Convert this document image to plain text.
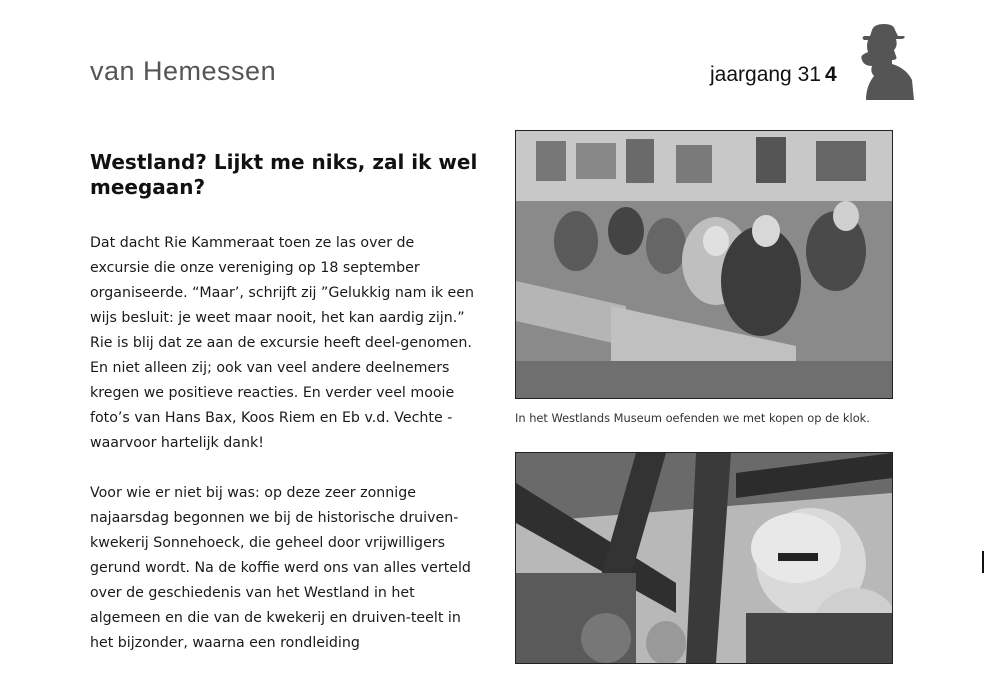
van Hemessen	jaargang 31 4
Westland? Lijkt me niks, zal ik wel meegaan?

Dat dacht Rie Kammeraat toen ze las over de excursie die onze vereniging op 18 september organiseerde. “Maar’, schrijft zij ”Gelukkig nam ik een wijs besluit: je weet maar nooit, het kan aardig zijn.” Rie is blij dat ze aan de excursie heeft deel-genomen. En niet alleen zij; ook van veel andere deelnemers kregen we positieve reacties. En verder veel mooie foto’s van Hans Bax, Koos Riem en Eb v.d. Vechte - waarvoor hartelijk dank!

Voor wie er niet bij was: op deze zeer zonnige najaarsdag begonnen we bij de historische druiven-kwekerij Sonnehoeck, die geheel door vrijwilligers gerund wordt. Na de koffie werd ons van alles verteld over de geschiedenis van het Westland in het algemeen en die van de kwekerij en druiven-teelt in het bijzonder, waarna een rondleiding

In het Westlands Museum oefenden we met kopen op de klok.
